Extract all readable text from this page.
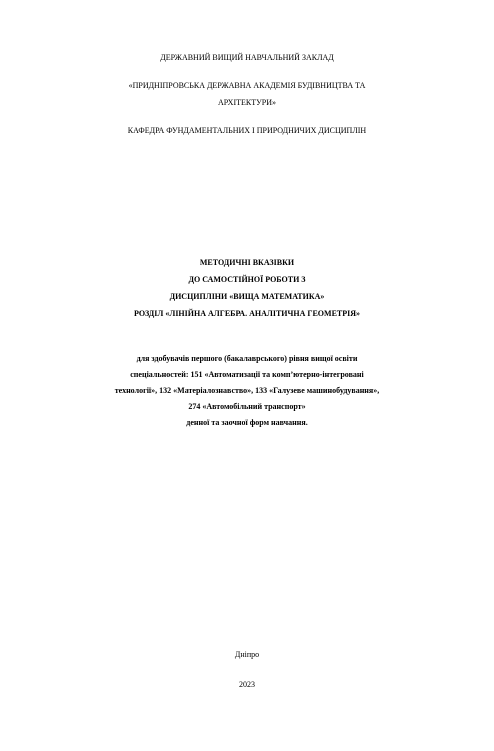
ДЕРЖАВНИЙ ВИЩИЙ НАВЧАЛЬНИЙ ЗАКЛАД
«ПРИДНІПРОВСЬКА ДЕРЖАВНА АКАДЕМІЯ БУДІВНИЦТВА ТА
АРХІТЕКТУРИ»
КАФЕДРА ФУНДАМЕНТАЛЬНИХ І ПРИРОДНИЧИХ ДИСЦИПЛІН
МЕТОДИЧНІ ВКАЗІВКИ
ДО САМОСТІЙНОЇ РОБОТИ З
ДИСЦИПЛІНИ «ВИЩА МАТЕМАТИКА»
РОЗДІЛ «ЛІНІЙНА АЛГЕБРА. АНАЛІТИЧНА ГЕОМЕТРІЯ»
для здобувачів першого (бакалаврського) рівня вищої освіти
спеціальностей: 151 «Автоматизації та комп’ютерно-інтегровані
технології», 132 «Матеріалознавство», 133 «Галузеве машинобудування»,
274 «Автомобільний транспорт»
денної та заочної форм навчання.
Дніпро
2023
